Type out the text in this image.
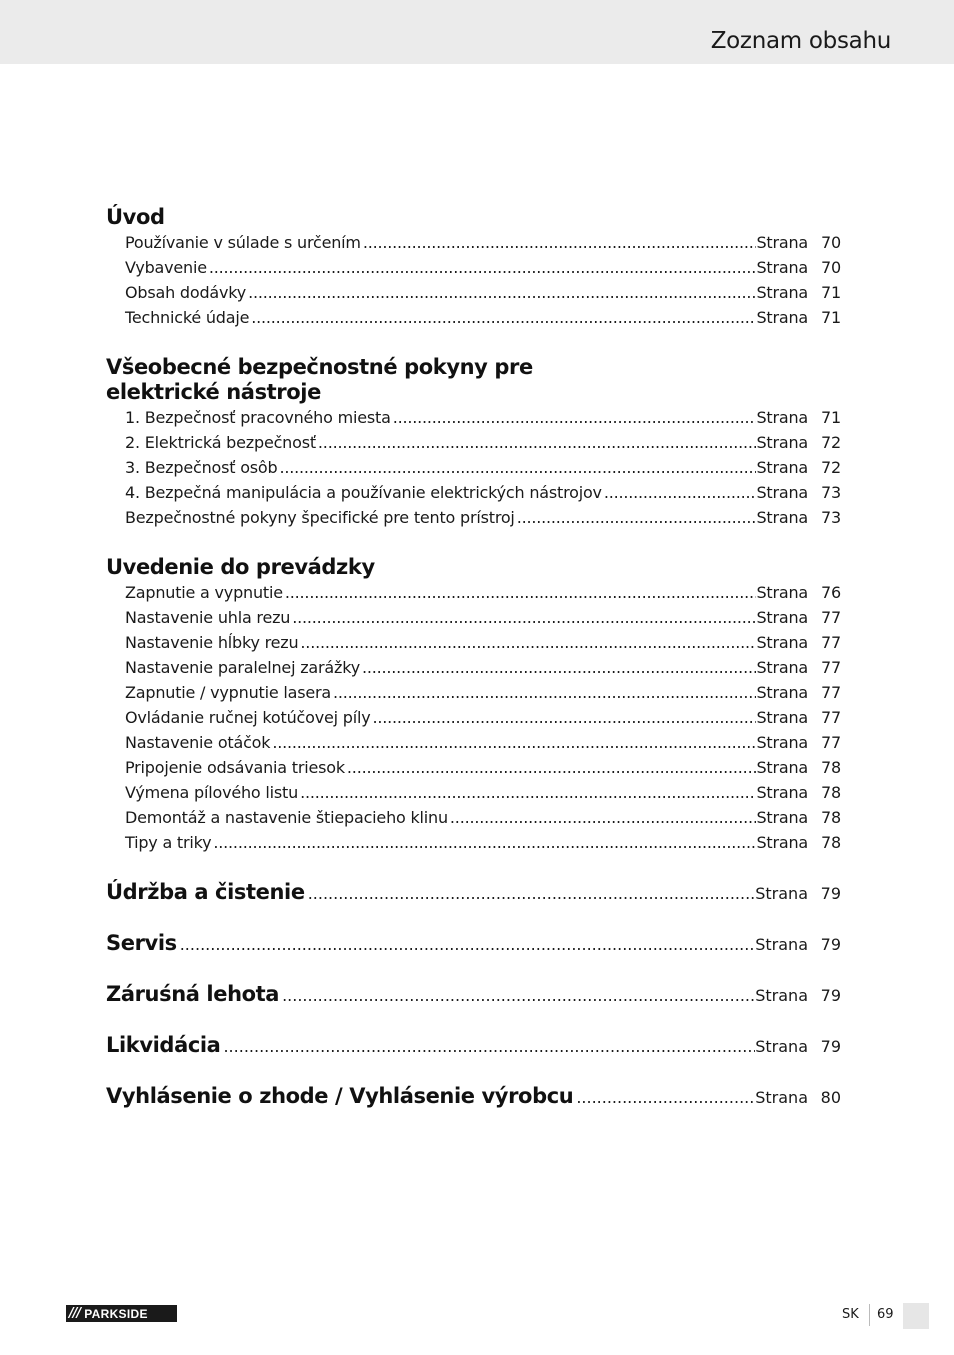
Zoznam obsahu
Úvod
Používanie v súlade s určením .....	Strana 70
Vybavenie .....	Strana 70
Obsah dodávky .....	Strana 71
Technické údaje .....	Strana 71
Všeobecné bezpečnostné pokyny pre
elektrické nástroje
1. Bezpečnosť pracovného miesta .....	Strana 71
2. Elektrická bezpečnosť .....	Strana 72
3. Bezpečnosť osôb .....	Strana 72
4. Bezpečná manipulácia a používanie elektrických nástrojov .....	Strana 73
Bezpečnostné pokyny špecifické pre tento prístroj .....	Strana 73
Uvedenie do prevádzky
Zapnutie a vypnutie .....	Strana 76
Nastavenie uhla rezu .....	Strana 77
Nastavenie hĺbky rezu .....	Strana 77
Nastavenie paralelnej zarážky .....	Strana 77
Zapnutie / vypnutie lasera .....	Strana 77
Ovládanie ručnej kotúčovej píly .....	Strana 77
Nastavenie otáčok .....	Strana 77
Pripojenie odsávania triesok .....	Strana 78
Výmena pílového listu .....	Strana 78
Demontáž a nastavenie štiepacieho klinu .....	Strana 78
Tipy a triky .....	Strana 78
Údržba a čistenie .....	Strana 79
Servis .....	Strana 79
Záruśná lehota .....	Strana 79
Likvidácia .....	Strana 79
Vyhlásenie o zhode / Vyhlásenie výrobcu .....	Strana 80
/// PARKSIDE	SK 69
